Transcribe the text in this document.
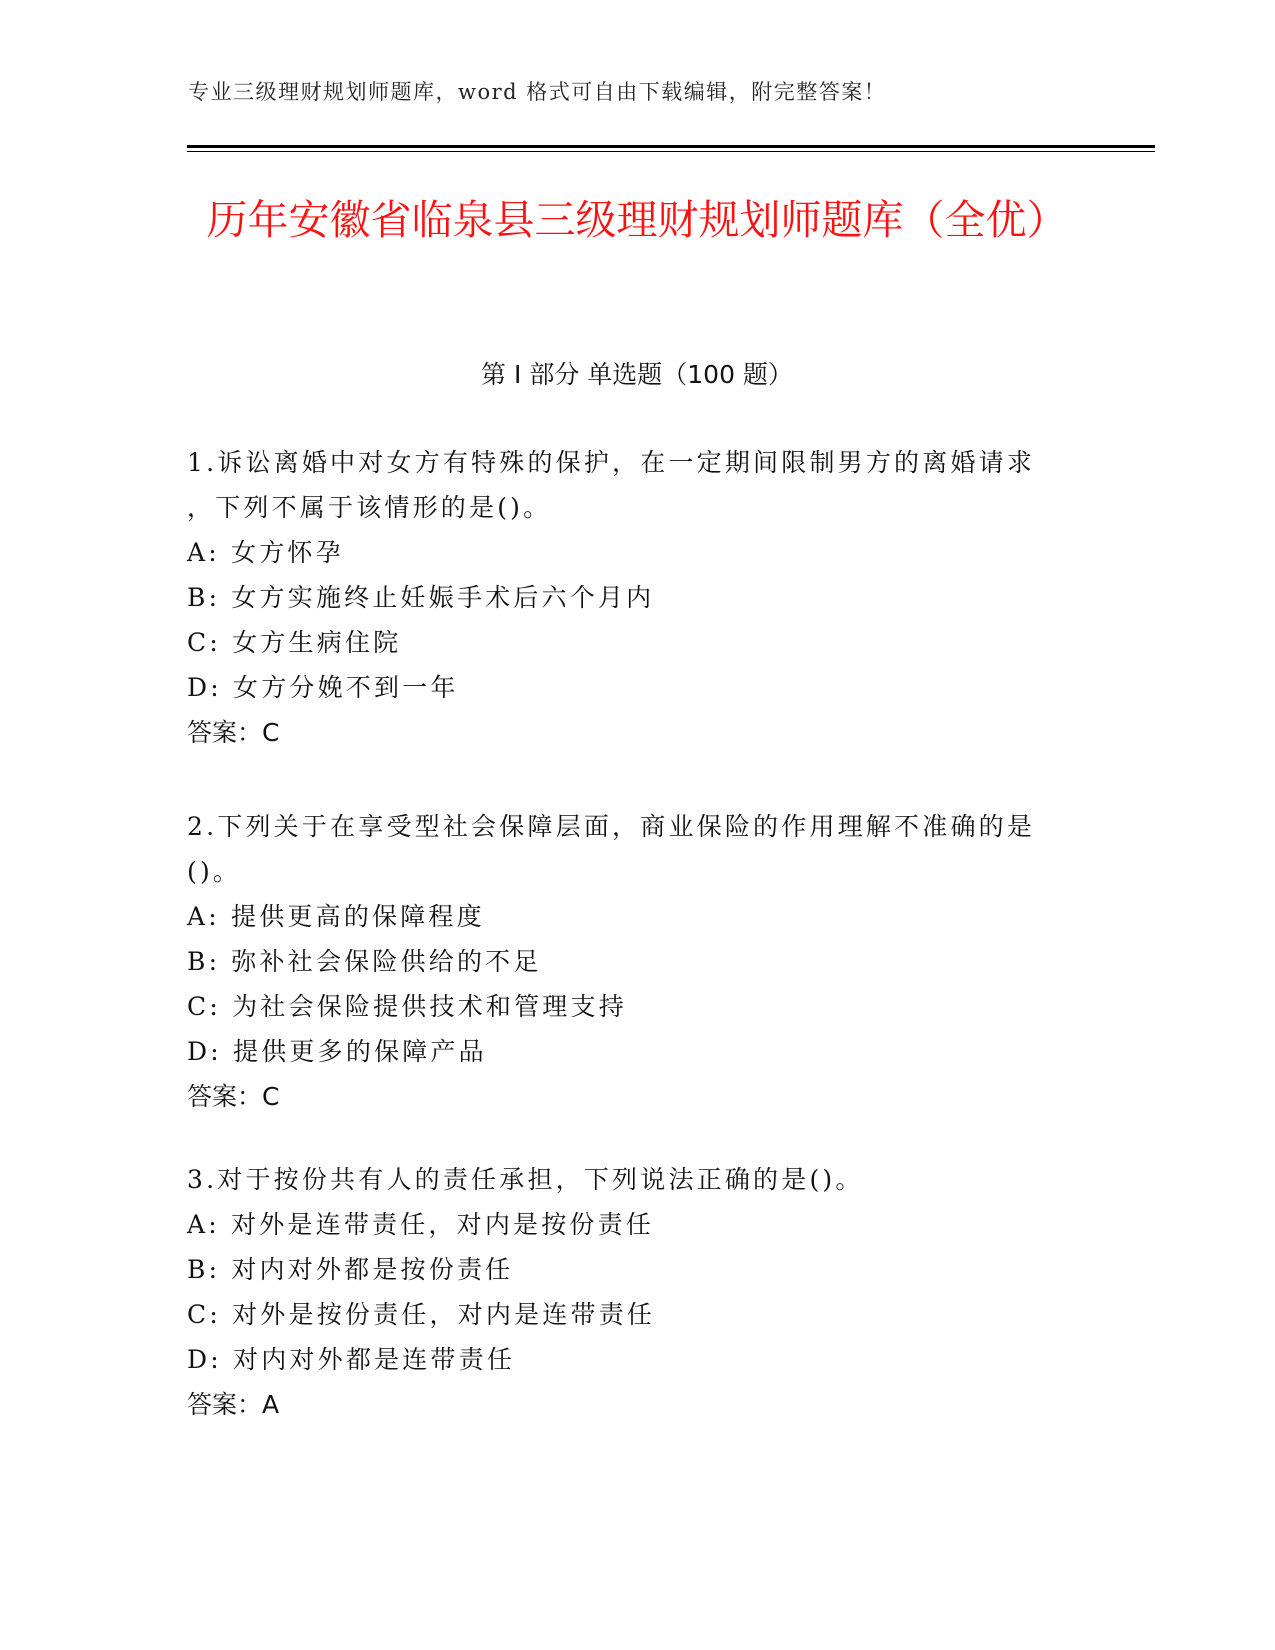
专业三级理财规划师题库，word 格式可自由下载编辑，附完整答案！
历年安徽省临泉县三级理财规划师题库（全优）
第 I 部分 单选题（100 题）
1.诉讼离婚中对女方有特殊的保护，在一定期间限制男方的离婚请求
，下列不属于该情形的是()。
A: 女方怀孕
B: 女方实施终止妊娠手术后六个月内
C: 女方生病住院
D: 女方分娩不到一年
答案：C
2.下列关于在享受型社会保障层面，商业保险的作用理解不准确的是
()。
A: 提供更高的保障程度
B: 弥补社会保险供给的不足
C: 为社会保险提供技术和管理支持
D: 提供更多的保障产品
答案：C
3.对于按份共有人的责任承担，下列说法正确的是()。
A: 对外是连带责任，对内是按份责任
B: 对内对外都是按份责任
C: 对外是按份责任，对内是连带责任
D: 对内对外都是连带责任
答案：A
